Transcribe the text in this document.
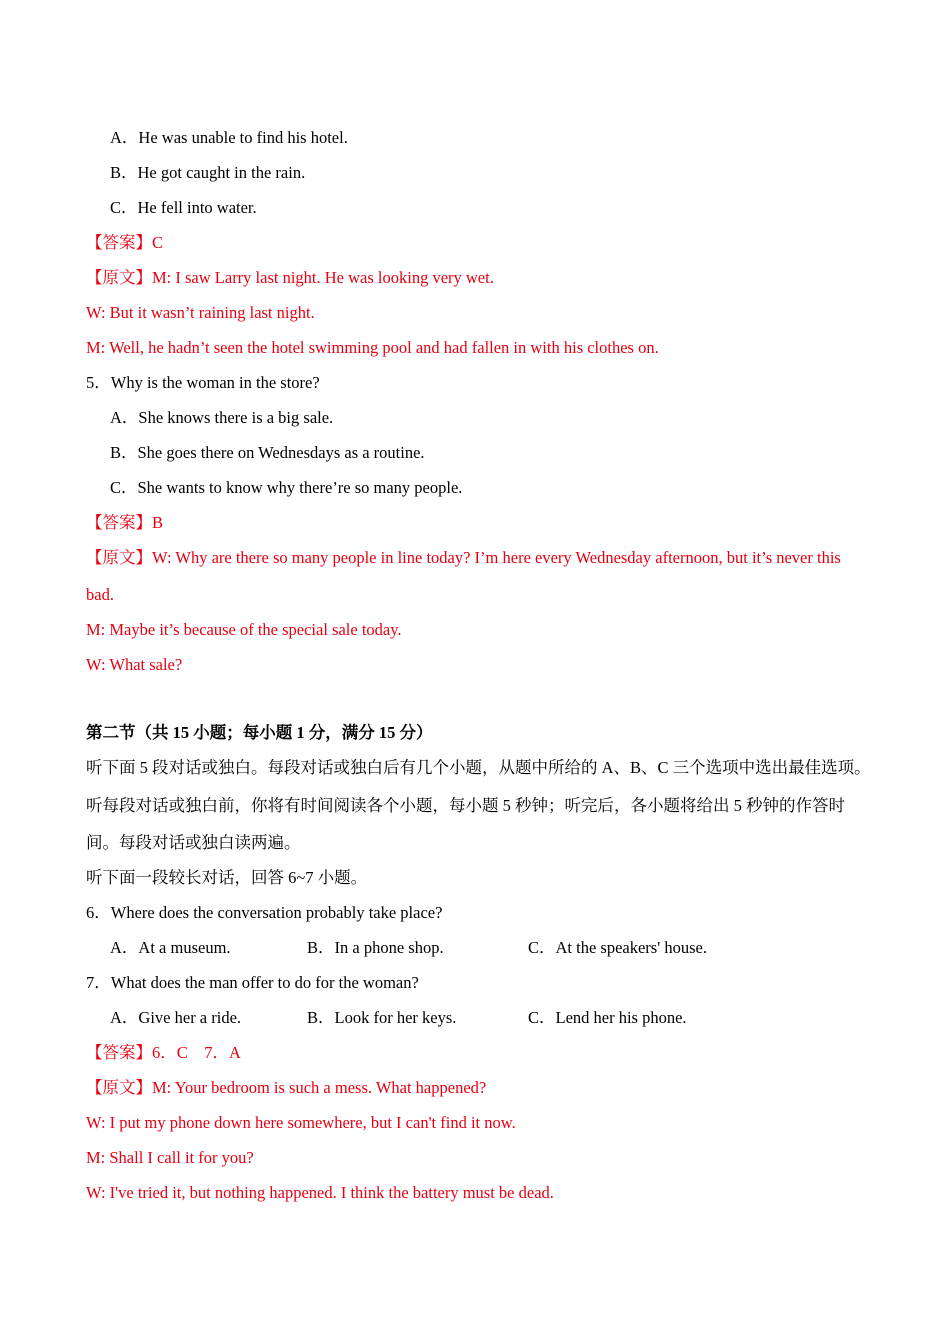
A．He was unable to find his hotel.
B．He got caught in the rain.
C．He fell into water.
【答案】C
【原文】M: I saw Larry last night. He was looking very wet.
W: But it wasn’t raining last night.
M: Well, he hadn’t seen the hotel swimming pool and had fallen in with his clothes on.
5．Why is the woman in the store?
A．She knows there is a big sale.
B．She goes there on Wednesdays as a routine.
C．She wants to know why there’re so many people.
【答案】B
【原文】W: Why are there so many people in line today? I’m here every Wednesday afternoon, but it’s never this
bad.
M: Maybe it’s because of the special sale today.
W: What sale?
第二节（共 15 小题；每小题 1 分，满分 15 分）
听下面 5 段对话或独白。每段对话或独白后有几个小题，从题中所给的 A、B、C 三个选项中选出最佳选项。
听每段对话或独白前，你将有时间阅读各个小题，每小题 5 秒钟；听完后，各小题将给出 5 秒钟的作答时
间。每段对话或独白读两遍。
听下面一段较长对话，回答 6~7 小题。
6．Where does the conversation probably take place?
A．At a museum.	B．In a phone shop.	C．At the speakers' house.
7．What does the man offer to do for the woman?
A．Give her a ride.	B．Look for her keys.	C．Lend her his phone.
【答案】6．C　7．A
【原文】M: Your bedroom is such a mess. What happened?
W: I put my phone down here somewhere, but I can't find it now.
M: Shall I call it for you?
W: I've tried it, but nothing happened. I think the battery must be dead.
